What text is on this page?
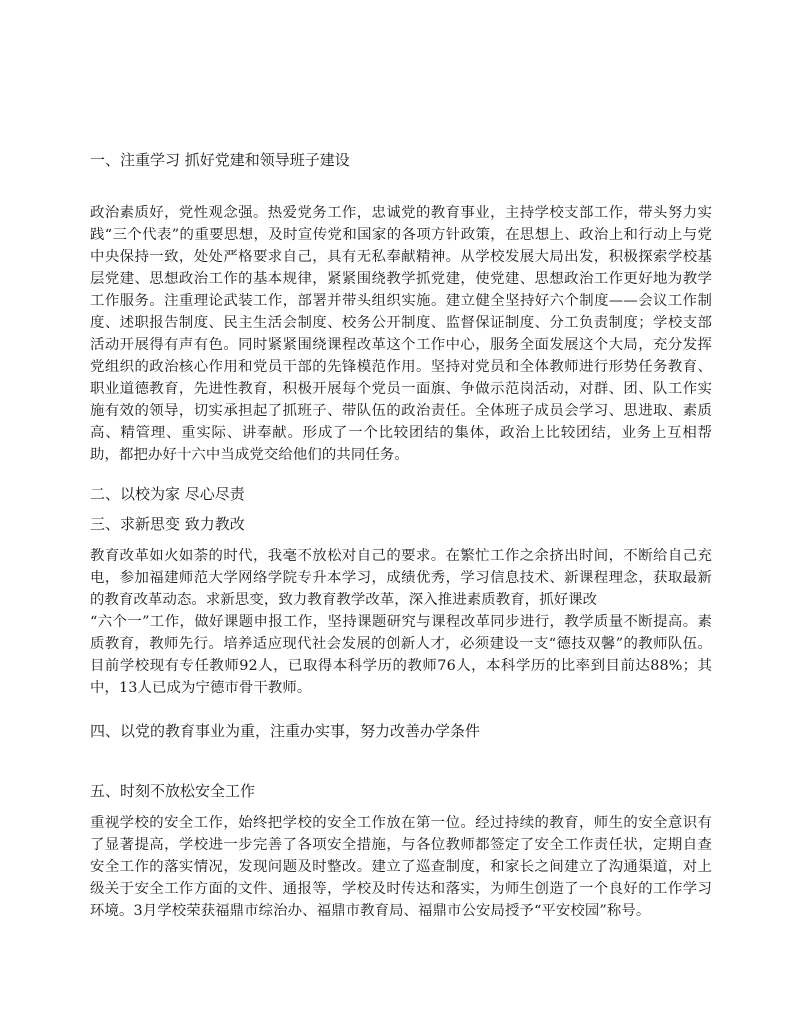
一、注重学习 抓好党建和领导班子建设
政治素质好，党性观念强。热爱党务工作，忠诚党的教育事业，主持学校支部工作，带头努力实践“三个代表”的重要思想，及时宣传党和国家的各项方针政策，在思想上、政治上和行动上与党中央保持一致，处处严格要求自己，具有无私奉献精神。从学校发展大局出发，积极探索学校基层党建、思想政治工作的基本规律，紧紧围绕教学抓党建，使党建、思想政治工作更好地为教学工作服务。注重理论武装工作，部署并带头组织实施。建立健全坚持好六个制度——会议工作制度、述职报告制度、民主生活会制度、校务公开制度、监督保证制度、分工负责制度；学校支部活动开展得有声有色。同时紧紧围绕课程改革这个工作中心，服务全面发展这个大局，充分发挥党组织的政治核心作用和党员干部的先锋模范作用。坚持对党员和全体教师进行形势任务教育、职业道德教育，先进性教育，积极开展每个党员一面旗、争做示范岗活动，对群、团、队工作实施有效的领导，切实承担起了抓班子、带队伍的政治责任。全体班子成员会学习、思进取、素质高、精管理、重实际、讲奉献。形成了一个比较团结的集体，政治上比较团结，业务上互相帮助，都把办好十六中当成党交给他们的共同任务。
二、以校为家 尽心尽责
三、求新思变 致力教改
教育改革如火如荼的时代，我毫不放松对自己的要求。在繁忙工作之余挤出时间，不断给自己充电，参加福建师范大学网络学院专升本学习，成绩优秀，学习信息技术、新课程理念，获取最新的教育改革动态。求新思变，致力教育教学改革，深入推进素质教育，抓好课改
“六个一”工作，做好课题申报工作，坚持课题研究与课程改革同步进行，教学质量不断提高。素质教育，教师先行。培养适应现代社会发展的创新人才，必须建设一支“德技双馨”的教师队伍。目前学校现有专任教师92人，已取得本科学历的教师76人，本科学历的比率到目前达88%；其中，13人已成为宁德市骨干教师。
四、以党的教育事业为重，注重办实事，努力改善办学条件
五、时刻不放松安全工作
重视学校的安全工作，始终把学校的安全工作放在第一位。经过持续的教育，师生的安全意识有了显著提高，学校进一步完善了各项安全措施，与各位教师都签定了安全工作责任状，定期自查安全工作的落实情况，发现问题及时整改。建立了巡查制度，和家长之间建立了沟通渠道，对上级关于安全工作方面的文件、通报等，学校及时传达和落实，为师生创造了一个良好的工作学习环境。3月学校荣获福鼎市综治办、福鼎市教育局、福鼎市公安局授予“平安校园”称号。
